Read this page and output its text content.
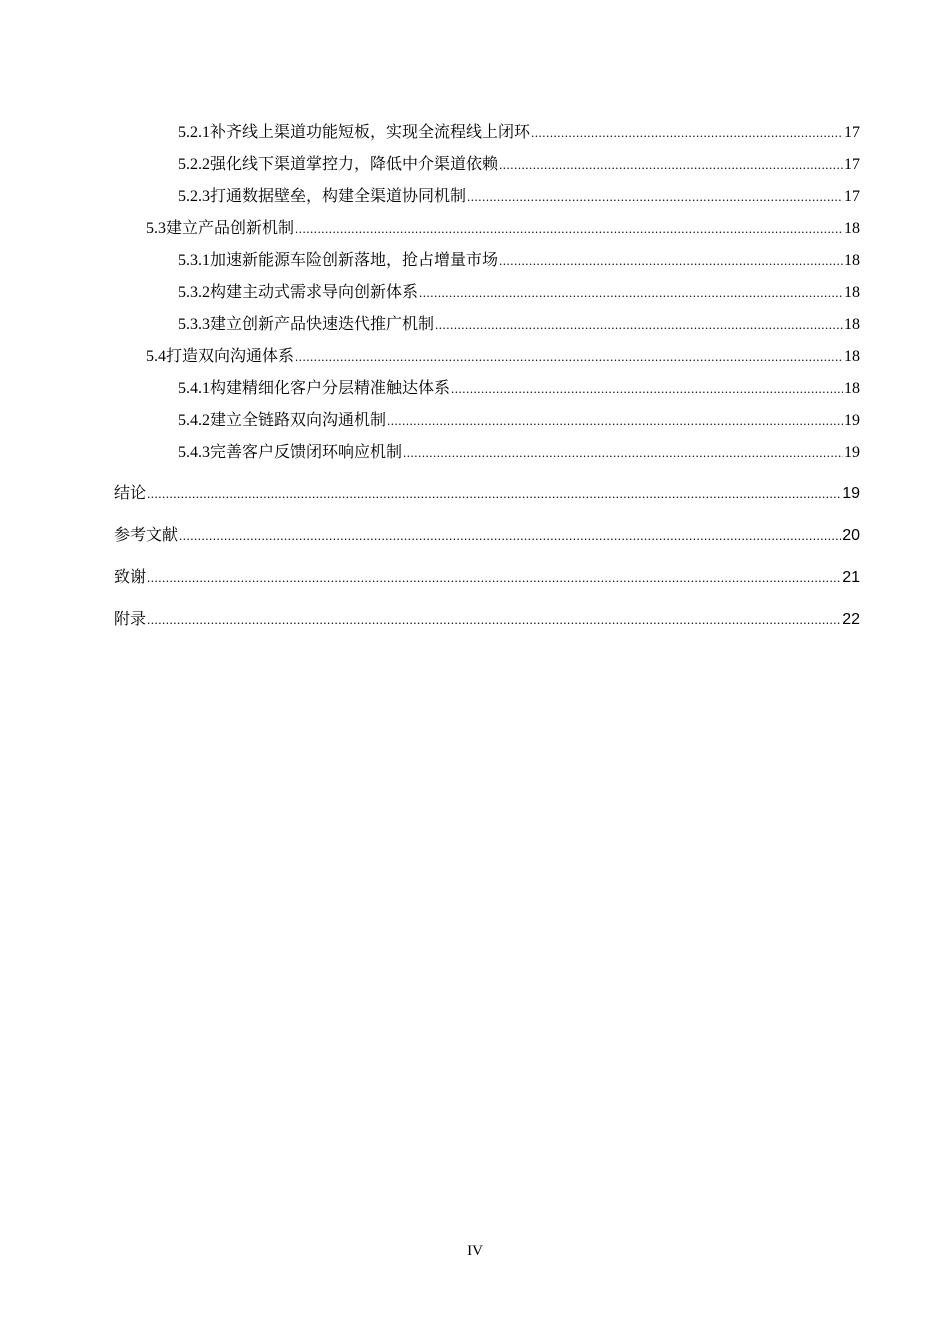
5.2.1 补齐线上渠道功能短板，实现全流程线上闭环 .....	17
5.2.2 强化线下渠道掌控力，降低中介渠道依赖 .....	17
5.2.3 打通数据壁垒，构建全渠道协同机制 .....	17
5.3 建立产品创新机制 .....	18
5.3.1 加速新能源车险创新落地，抢占增量市场 .....	18
5.3.2 构建主动式需求导向创新体系 .....	18
5.3.3 建立创新产品快速迭代推广机制 .....	18
5.4 打造双向沟通体系 .....	18
5.4.1 构建精细化客户分层精准触达体系 .....	18
5.4.2 建立全链路双向沟通机制 .....	19
5.4.3 完善客户反馈闭环响应机制 .....	19
结论 .....	19
参考文献 .....	20
致谢 .....	21
附录 .....	22
IV
